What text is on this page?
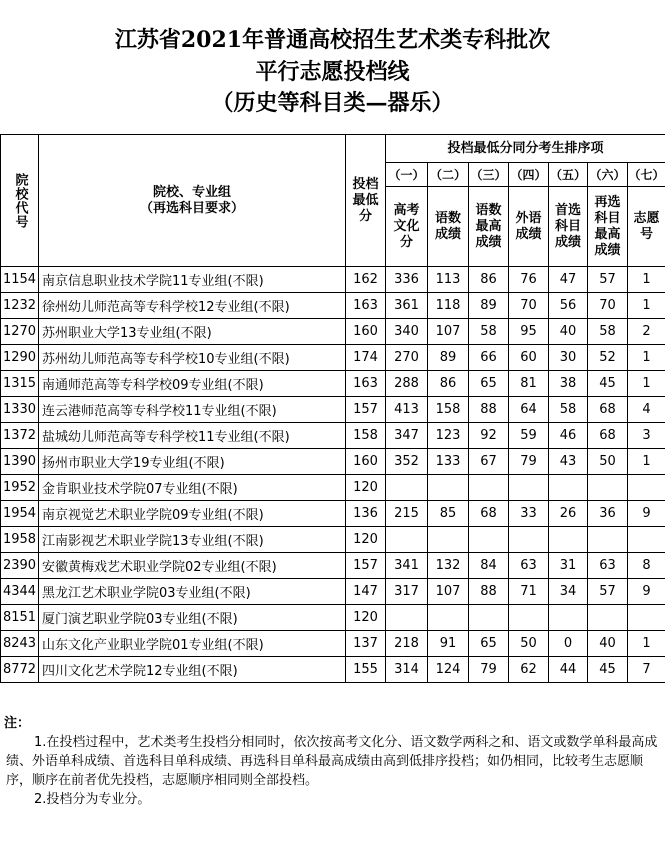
江苏省2021年普通高校招生艺术类专科批次
平行志愿投档线
（历史等科目类—器乐）
院校代号	院校、专业组
（再选科目要求）	投档最低分	投档最低分同分考生排序项						
			（一）	（二）	（三）	（四）	（五）	（六）	（七）

			高考文化分	语数成绩	语数最高成绩	外语成绩	首选科目成绩	再选科目最高成绩	志愿号

1154	南京信息职业技术学院11专业组(不限)	162	336	113	86	76	47	57	1
1232	徐州幼儿师范高等专科学校12专业组(不限)	163	361	118	89	70	56	70	1
1270	苏州职业大学13专业组(不限)	160	340	107	58	95	40	58	2
1290	苏州幼儿师范高等专科学校10专业组(不限)	174	270	89	66	60	30	52	1
1315	南通师范高等专科学校09专业组(不限)	163	288	86	65	81	38	45	1
1330	连云港师范高等专科学校11专业组(不限)	157	413	158	88	64	58	68	4
1372	盐城幼儿师范高等专科学校11专业组(不限)	158	347	123	92	59	46	68	3
1390	扬州市职业大学19专业组(不限)	160	352	133	67	79	43	50	1
1952	金肯职业技术学院07专业组(不限)	120							
1954	南京视觉艺术职业学院09专业组(不限)	136	215	85	68	33	26	36	9
1958	江南影视艺术职业学院13专业组(不限)	120							
2390	安徽黄梅戏艺术职业学院02专业组(不限)	157	341	132	84	63	31	63	8
4344	黑龙江艺术职业学院03专业组(不限)	147	317	107	88	71	34	57	9
8151	厦门演艺职业学院03专业组(不限)	120							
8243	山东文化产业职业学院01专业组(不限)	137	218	91	65	50	0	40	1
8772	四川文化艺术学院12专业组(不限)	155	314	124	79	62	44	45	7
注：

1.在投档过程中，艺术类考生投档分相同时，依次按高考文化分、语文数学两科之和、语文或数学单科最高成绩、外语单科成绩、首选科目单科成绩、再选科目单科最高成绩由高到低排序投档；如仍相同，比较考生志愿顺序，顺序在前者优先投档，志愿顺序相同则全部投档。

2.投档分为专业分。
